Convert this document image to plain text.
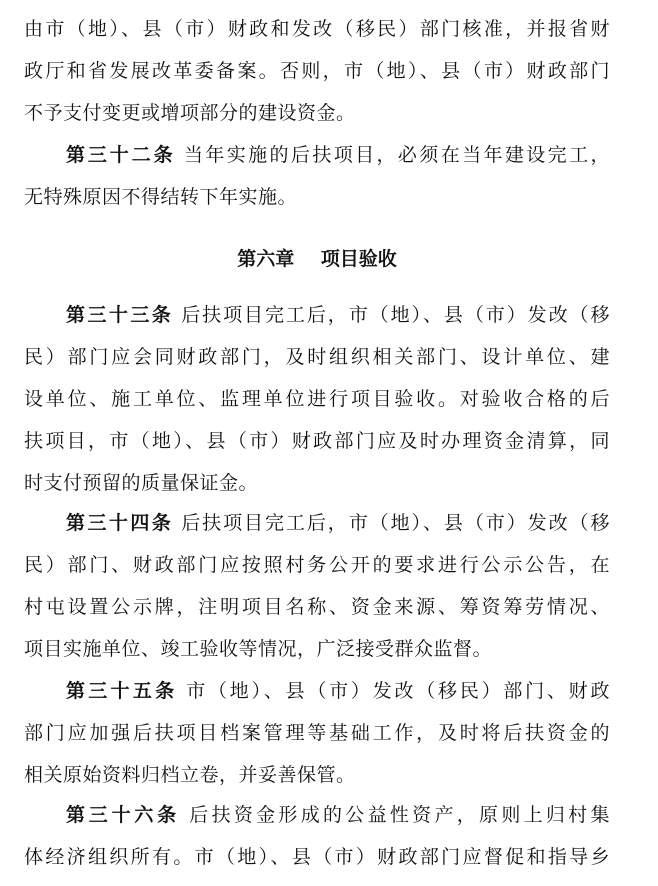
由市（地）、县（市）财政和发改（移民）部门核准，并报省财
政厅和省发展改革委备案。否则，市（地）、县（市）财政部门
不予支付变更或增项部分的建设资金。
第三十二条 当年实施的后扶项目，必须在当年建设完工，
无特殊原因不得结转下年实施。
第六章 项目验收
第三十三条 后扶项目完工后，市（地）、县（市）发改（移
民）部门应会同财政部门，及时组织相关部门、设计单位、建
设单位、施工单位、监理单位进行项目验收。对验收合格的后
扶项目，市（地）、县（市）财政部门应及时办理资金清算，同
时支付预留的质量保证金。
第三十四条 后扶项目完工后，市（地）、县（市）发改（移
民）部门、财政部门应按照村务公开的要求进行公示公告，在
村屯设置公示牌，注明项目名称、资金来源、筹资筹劳情况、
项目实施单位、竣工验收等情况，广泛接受群众监督。
第三十五条 市（地）、县（市）发改（移民）部门、财政
部门应加强后扶项目档案管理等基础工作，及时将后扶资金的
相关原始资料归档立卷，并妥善保管。
第三十六条 后扶资金形成的公益性资产，原则上归村集
体经济组织所有。市（地）、县（市）财政部门应督促和指导乡
